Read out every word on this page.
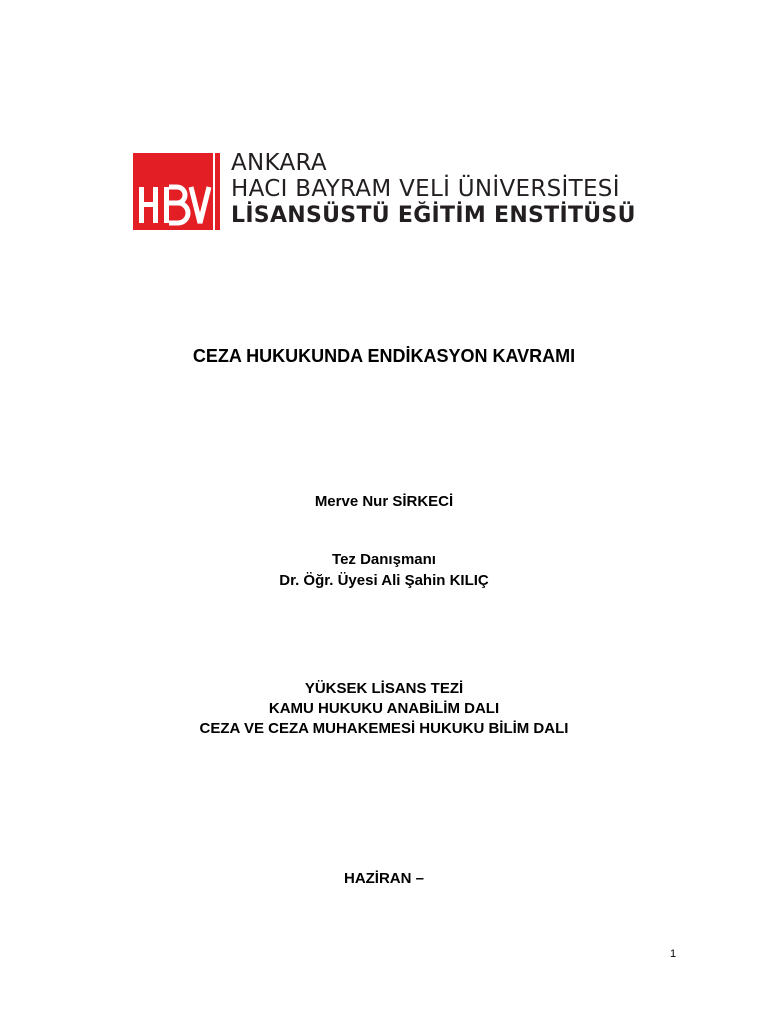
ANKARA
HACI BAYRAM VELİ ÜNİVERSİTESİ
LİSANSÜSTÜ EĞİTİM ENSTİTÜSÜ
CEZA HUKUKUNDA ENDİKASYON KAVRAMI
Merve Nur SİRKECİ
Tez Danışmanı
Dr. Öğr. Üyesi Ali Şahin KILIÇ
YÜKSEK LİSANS TEZİ
KAMU HUKUKU ANABİLİM DALI
CEZA VE CEZA MUHAKEMESİ HUKUKU BİLİM DALI
HAZİRAN –
1
